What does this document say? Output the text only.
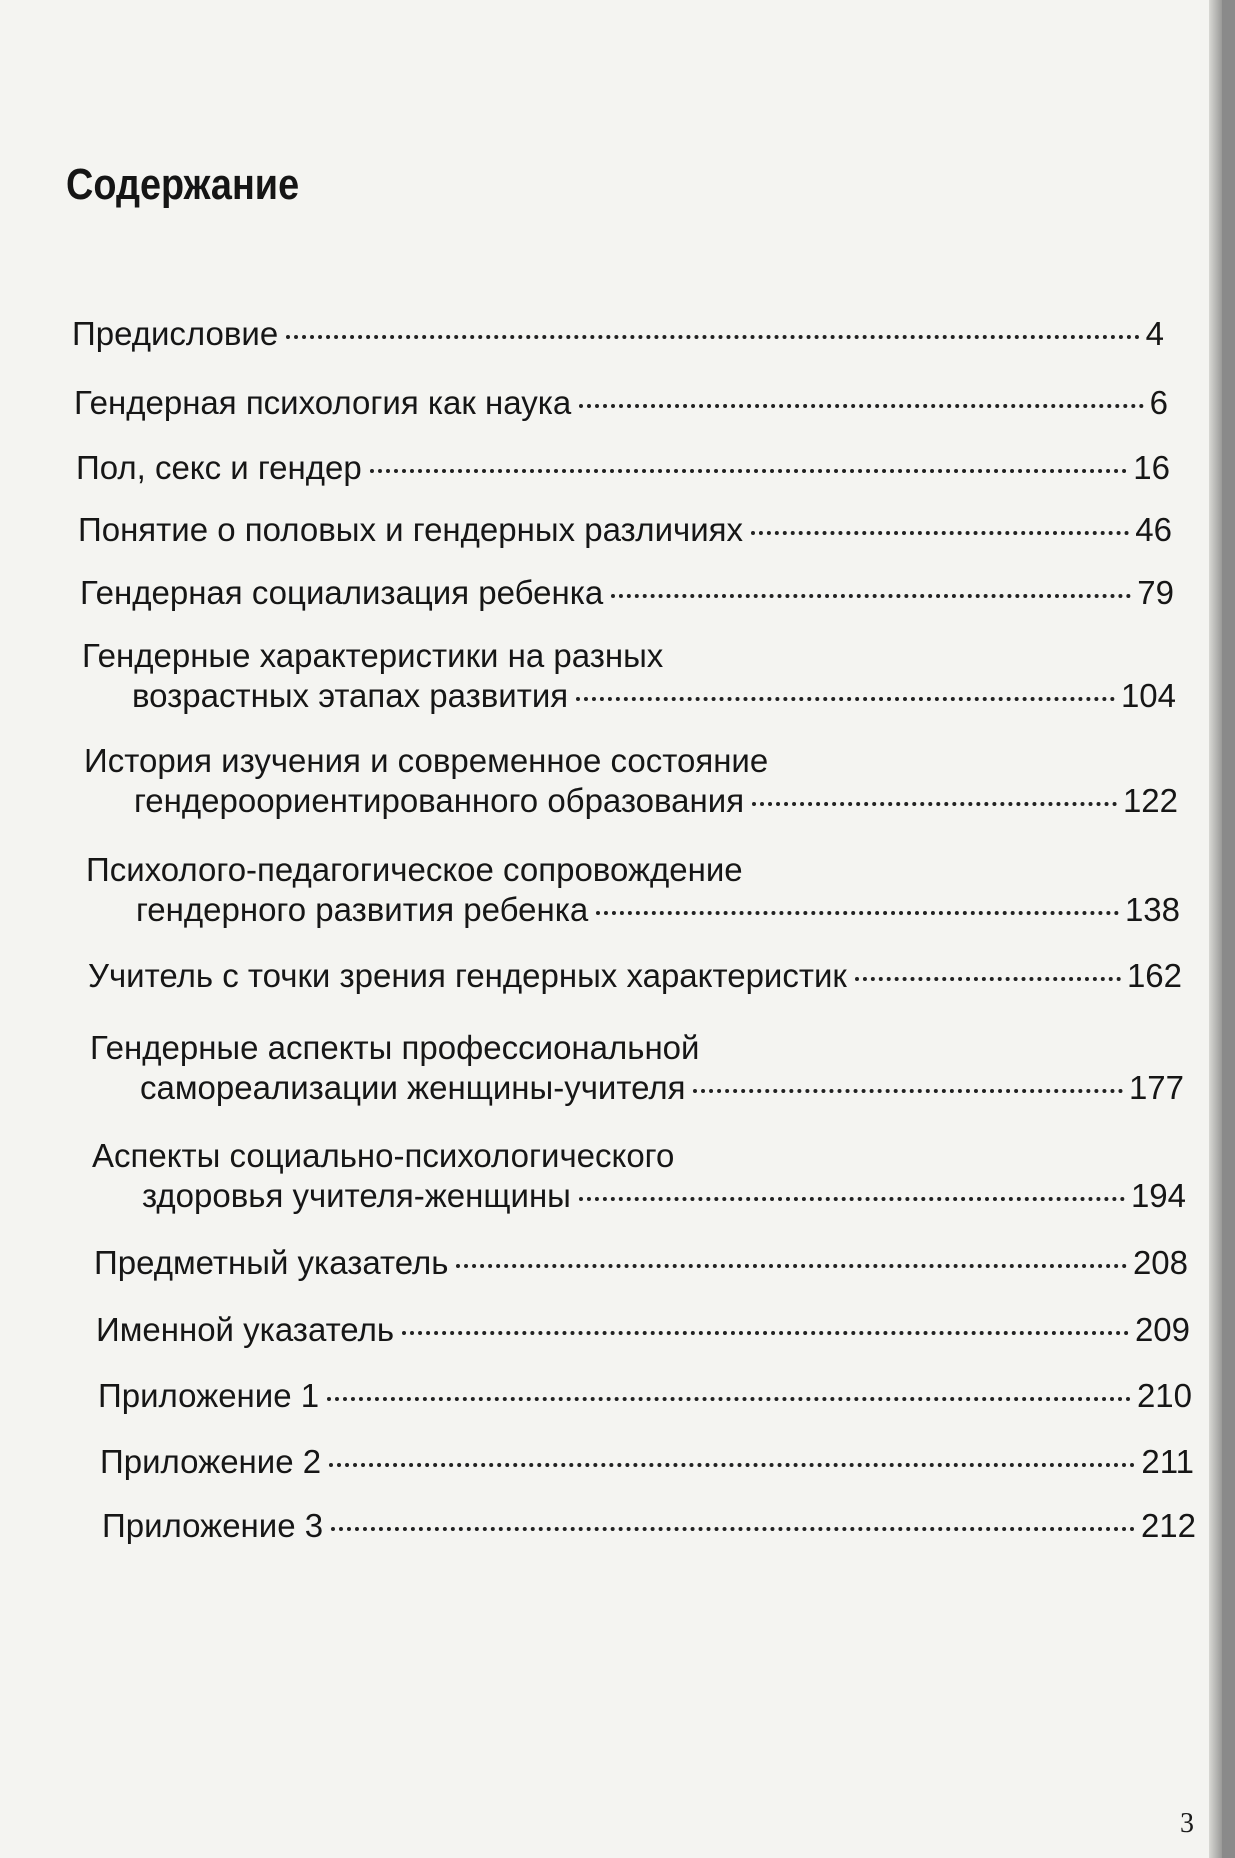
Содержание
Предисловие	4
Гендерная психология как наука	6
Пол, секс и гендер	16
Понятие о половых и гендерных различиях	46
Гендерная социализация ребенка	79
Гендерные характеристики на разных
возрастных этапах развития	104
История изучения и современное состояние
гендероориентированного образования	122
Психолого-педагогическое сопровождение
гендерного развития ребенка	138
Учитель с точки зрения гендерных характеристик	162
Гендерные аспекты профессиональной
самореализации женщины-учителя	177
Аспекты социально-психологического
здоровья учителя-женщины	194
Предметный указатель	208
Именной указатель	209
Приложение 1	210
Приложение 2	211
Приложение 3	212
3
